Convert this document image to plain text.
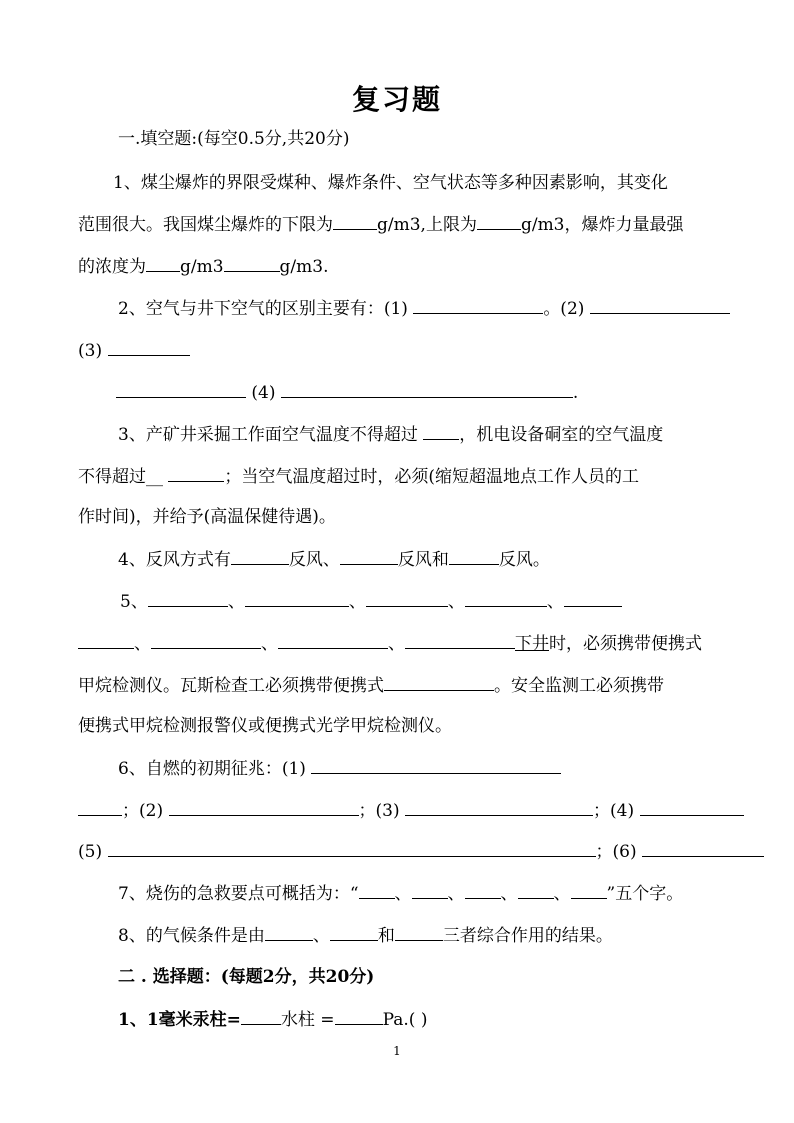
复习题
一.填空题:(每空0.5分,共20分)
1、煤尘爆炸的界限受煤种、爆炸条件、空气状态等多种因素影响，其变化
范围很大。我国煤尘爆炸的下限为	g/m3,上限为	g/m3，爆炸力量最强
的浓度为 g/m3	g/m3.
2、空气与井下空气的区别主要有：(1)	。(2)
(3)
(4)	.
3、产矿井采掘工作面空气温度不得超过 ，机电设备硐室的空气温度
不得超过__	；当空气温度超过时，必须(缩短超温地点工作人员的工
作时间)，并给予(高温保健待遇)。
4、反风方式有	反风、	反风和	反风。
5、	、	、	、	、
、	、	、	下井时，必须携带便携式
甲烷检测仪。瓦斯检查工必须携带便携式	。安全监测工必须携带
便携式甲烷检测报警仪或便携式光学甲烷检测仪。
6、自燃的初期征兆：(1)
；(2)	；(3)	；(4)
(5)	；(6)
7、烧伤的急救要点可概括为：“ 、 、 、 、 ”五个字。
8、的气候条件是由	、	和	三者综合作用的结果。
二 . 选择题：(每题2分，共20分)
1、1毫米汞柱= 水柱 =	Pa.( )
1
